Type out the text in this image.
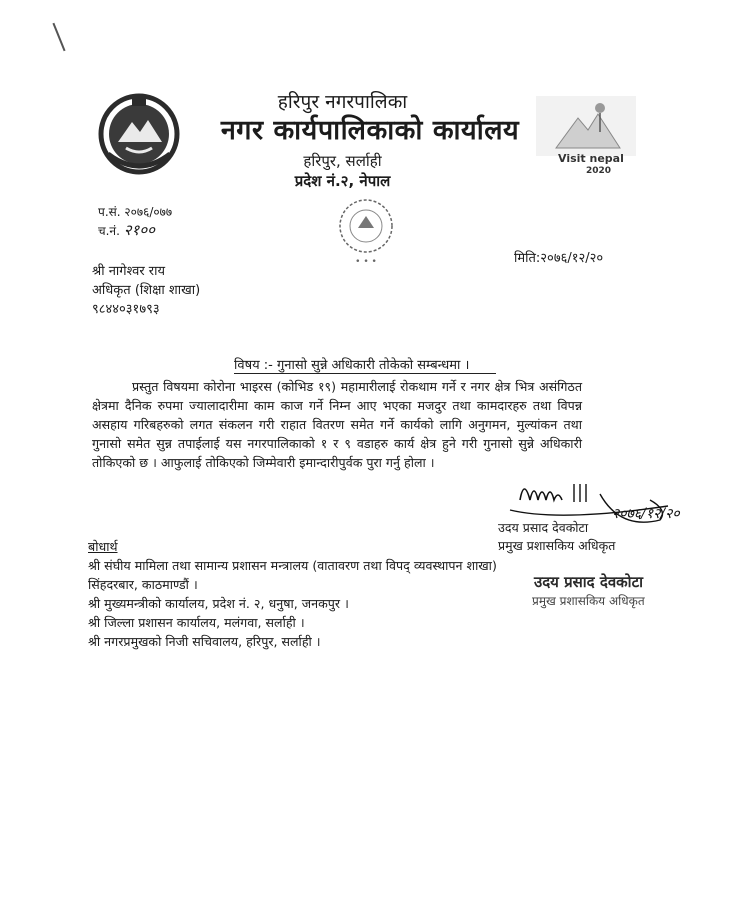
Visit nepal
2020
हरिपुर नगरपालिका
नगर कार्यपालिकाको कार्यालय
हरिपुर, सर्लाही
प्रदेश नं.२, नेपाल
• • •
प.सं. २०७६/०७७
च.नं. २१००
मिति:२०७६/१२/२०
श्री नागेश्वर राय
अधिकृत (शिक्षा शाखा)
९८४४०३१७९३
विषय :- गुनासो सुन्ने अधिकारी तोकेको सम्बन्धमा ।

प्रस्तुत विषयमा कोरोना भाइरस (कोभिड १९) महामारीलाई रोकथाम गर्ने र नगर क्षेत्र भित्र असंगिठत क्षेत्रमा दैनिक रुपमा ज्यालादारीमा काम काज गर्ने निम्न आए भएका मजदुर तथा कामदारहरु तथा विपन्न असहाय गरिबहरुको लगत संकलन गरी राहात वितरण समेत गर्ने कार्यको लागि अनुगमन, मुल्यांकन तथा गुनासो समेत सुन्न तपाईलाई यस नगरपालिकाको १ र ९ वडाहरु कार्य क्षेत्र हुने गरी गुनासो सुन्ने अधिकारी तोकिएको छ । आफुलाई तोकिएको जिम्मेवारी इमान्दारीपुर्वक पुरा गर्नु होला ।

२०७६/१२/२०
उदय प्रसाद देवकोटा
प्रमुख प्रशासकिय अधिकृत
बोधार्थ
श्री संघीय मामिला तथा सामान्य प्रशासन मन्त्रालय (वातावरण तथा विपद् व्यवस्थापन शाखा)
सिंहदरबार, काठमाण्डौं ।
श्री मुख्यमन्त्रीको कार्यालय, प्रदेश नं. २, धनुषा, जनकपुर ।
श्री जिल्ला प्रशासन कार्यालय, मलंगवा, सर्लाही ।
श्री नगरप्रमुखको निजी सचिवालय, हरिपुर, सर्लाही ।
उदय प्रसाद देवकोटा
प्रमुख प्रशासकिय अधिकृत
